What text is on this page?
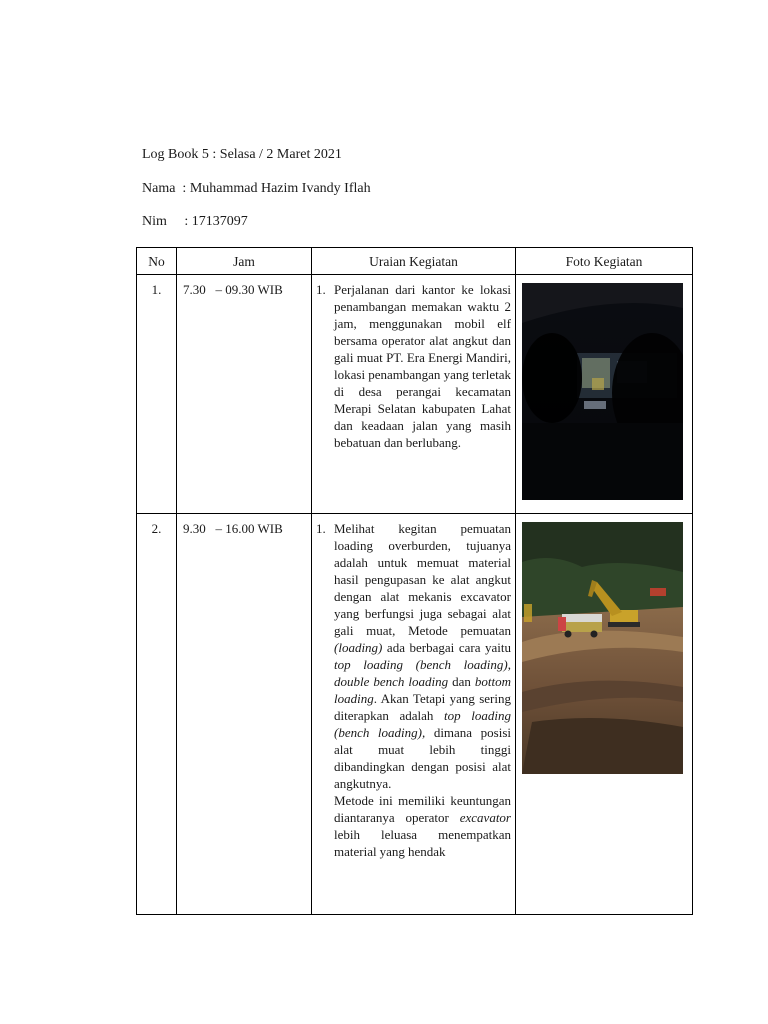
Log Book 5 : Selasa / 2 Maret 2021
Nama  : Muhammad Hazim Ivandy Iflah
Nim     : 17137097
No	Jam	Uraian Kegiatan	Foto Kegiatan
1.	7.30   – 09.30 WIB	1. Perjalanan dari kantor ke lokasi penambangan memakan waktu 2 jam, menggunakan mobil elf bersama operator alat angkut dan gali muat PT. Era Energi Mandiri, lokasi penambangan yang terletak di desa perangai kecamatan Merapi Selatan kabupaten Lahat dan keadaan jalan yang masih bebatuan dan berlubang.

2.	9.30   – 16.00 WIB	1. Melihat kegitan pemuatan loading overburden, tujuanya adalah untuk memuat material hasil pengupasan ke alat angkut dengan alat mekanis excavator yang berfungsi juga sebagai alat gali muat, Metode pemuatan (loading) ada berbagai cara yaitu top loading (bench loading), double bench loading dan bottom loading. Akan Tetapi yang sering diterapkan adalah top loading (bench loading), dimana posisi alat muat lebih tinggi dibandingkan dengan posisi alat angkutnya.
Metode ini memiliki keuntungan diantaranya operator excavator lebih leluasa menempatkan material yang hendak
